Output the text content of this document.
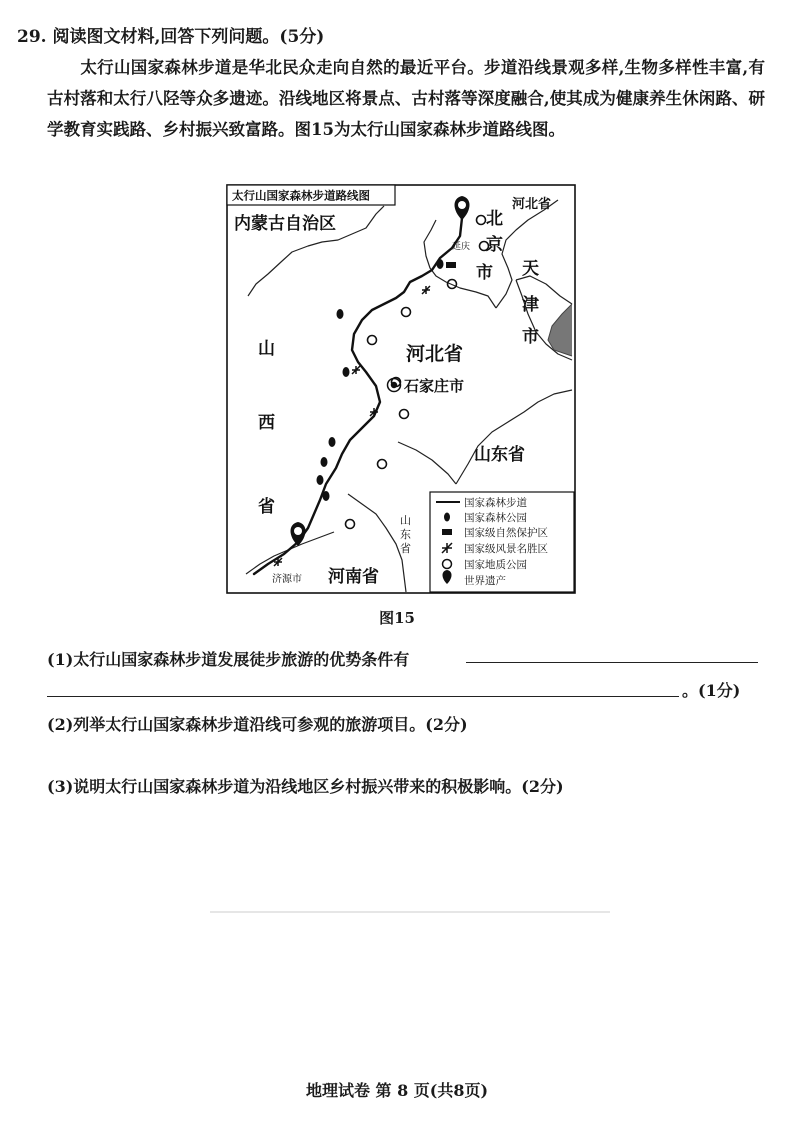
29. 阅读图文材料,回答下列问题。(5分)
太行山国家森林步道是华北民众走向自然的最近平台。步道沿线景观多样,生物多样性丰富,有古村落和太行八陉等众多遗迹。沿线地区将景点、古村落等深度融合,使其成为健康养生休闲路、研学教育实践路、乡村振兴致富路。图15为太行山国家森林步道路线图。
太行山国家森林步道路线图
内蒙古自治区
河北省
北
京
市
延庆
天
津
市
山
西
省
河北省
石家庄市
山东省
山
东
省
河南省
济源市
国家森林步道
国家森林公园
国家级自然保护区
国家级风景名胜区
国家地质公园
世界遗产
图15
(1)太行山国家森林步道发展徒步旅游的优势条件有
。(1分)
(2)列举太行山国家森林步道沿线可参观的旅游项目。(2分)
(3)说明太行山国家森林步道为沿线地区乡村振兴带来的积极影响。(2分)
地理试卷 第 8 页(共8页)
